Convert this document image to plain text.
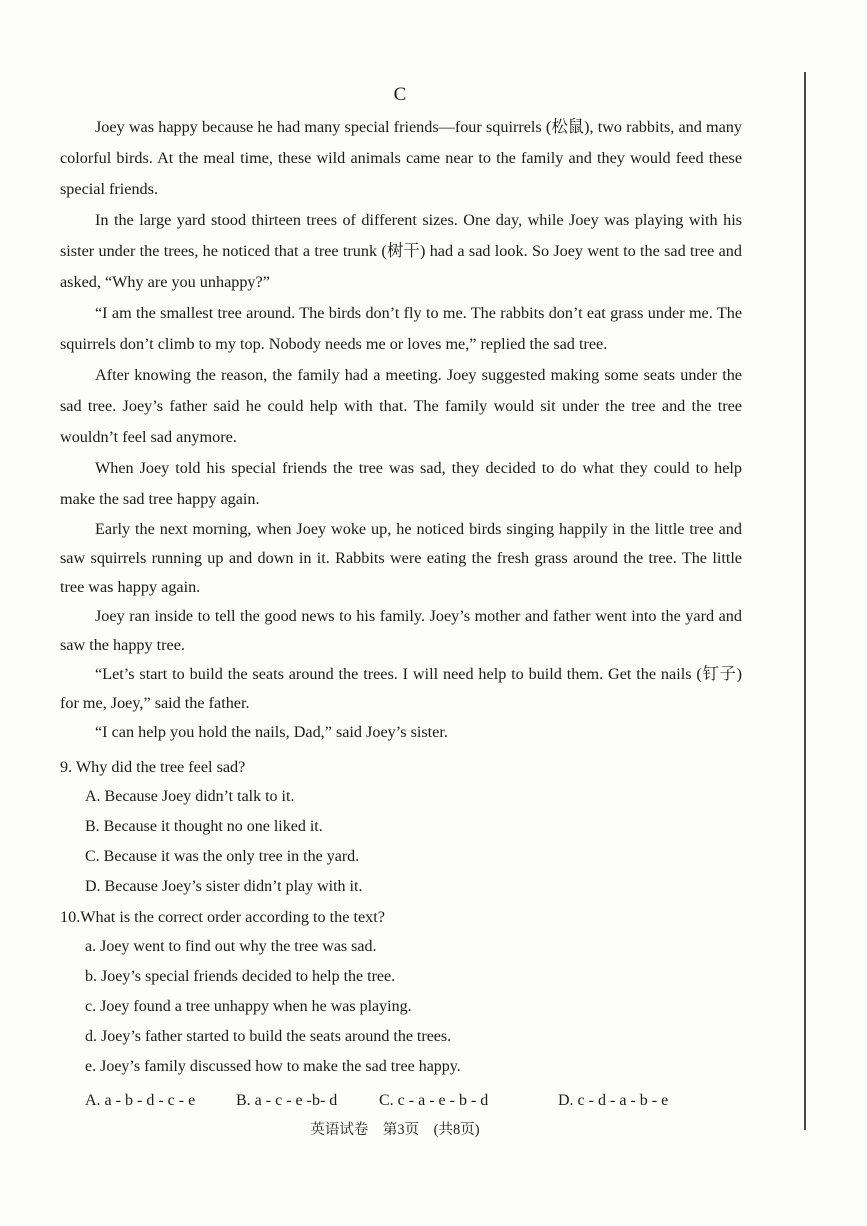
C

Joey was happy because he had many special friends—four squirrels (松鼠), two rabbits, and many colorful birds. At the meal time, these wild animals came near to the family and they would feed these special friends.

In the large yard stood thirteen trees of different sizes. One day, while Joey was playing with his sister under the trees, he noticed that a tree trunk (树干) had a sad look. So Joey went to the sad tree and asked, “Why are you unhappy?”

“I am the smallest tree around. The birds don’t fly to me. The rabbits don’t eat grass under me. The squirrels don’t climb to my top. Nobody needs me or loves me,” replied the sad tree.

After knowing the reason, the family had a meeting. Joey suggested making some seats under the sad tree. Joey’s father said he could help with that. The family would sit under the tree and the tree wouldn’t feel sad anymore.

When Joey told his special friends the tree was sad, they decided to do what they could to help make the sad tree happy again.

Early the next morning, when Joey woke up, he noticed birds singing happily in the little tree and saw squirrels running up and down in it. Rabbits were eating the fresh grass around the tree. The little tree was happy again.

Joey ran inside to tell the good news to his family. Joey’s mother and father went into the yard and saw the happy tree.

“Let’s start to build the seats around the trees. I will need help to build them. Get the nails (钉子) for me, Joey,” said the father.

“I can help you hold the nails, Dad,” said Joey’s sister.

9. Why did the tree feel sad?

A. Because Joey didn’t talk to it.

B. Because it thought no one liked it.

C. Because it was the only tree in the yard.

D. Because Joey’s sister didn’t play with it.

10.What is the correct order according to the text?

a. Joey went to find out why the tree was sad.

b. Joey’s special friends decided to help the tree.

c. Joey found a tree unhappy when he was playing.

d. Joey’s father started to build the seats around the trees.

e. Joey’s family discussed how to make the sad tree happy.

A. a - b - d - c - e	B. a - c - e -b- d	C. c - a - e - b - d	D. c - d - a - b - e
英语试卷　第3页　(共8页)
